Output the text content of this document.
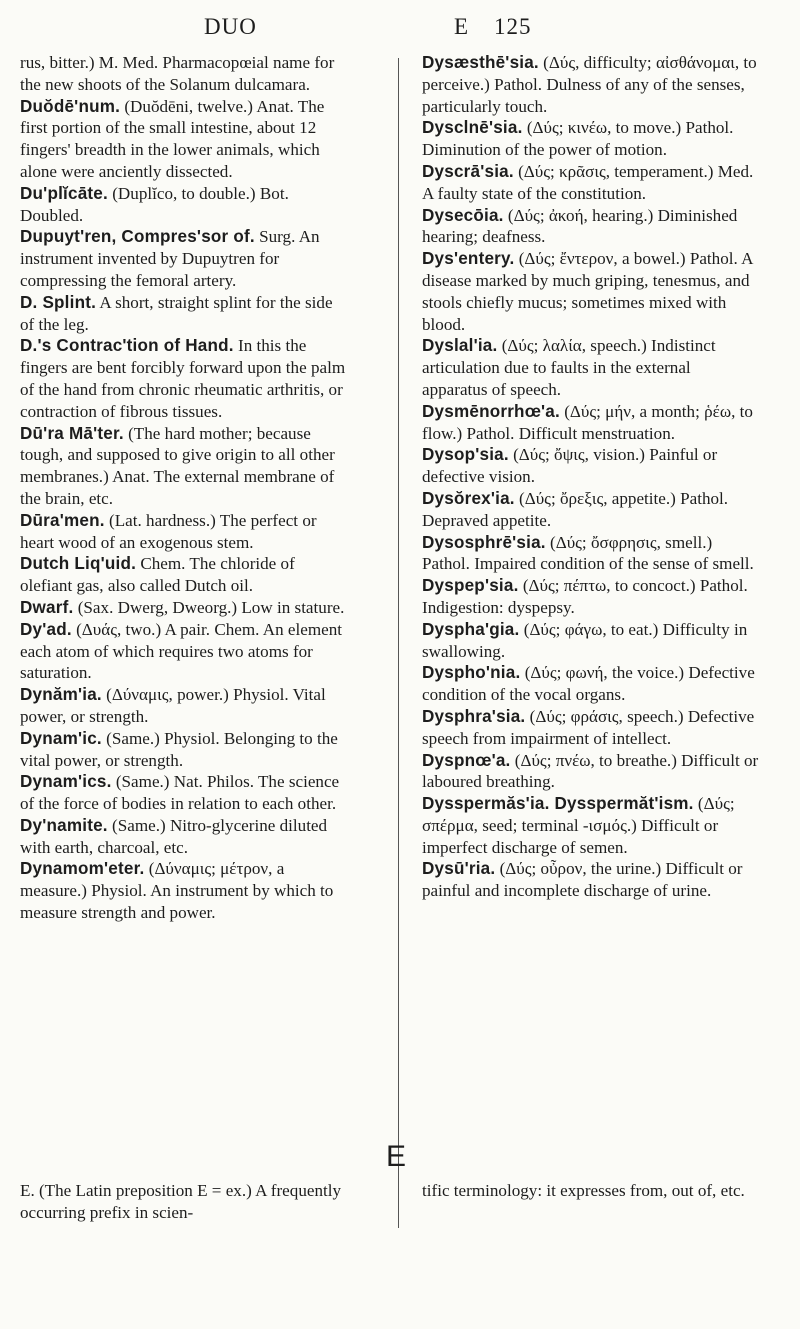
DUO	E 125
rus, bitter.) M. Med. Pharmacopœial name for the new shoots of the Solanum dulcamara.
Duŏdē'num. (Duŏdēni, twelve.) Anat. The first portion of the small intestine, about 12 fingers' breadth in the lower animals, which alone were anciently dissected.
Du'plĭcāte. (Duplĭco, to double.) Bot. Doubled.
Dupuyt'ren, Compres'sor of. Surg. An instrument invented by Dupuytren for compressing the femoral artery.
D. Splint. A short, straight splint for the side of the leg.
D.'s Contrac'tion of Hand. In this the fingers are bent forcibly forward upon the palm of the hand from chronic rheumatic arthritis, or contraction of fibrous tissues.
Dū'ra Mā'ter. (The hard mother; because tough, and supposed to give origin to all other membranes.) Anat. The external membrane of the brain, etc.
Dūra'men. (Lat. hardness.) The perfect or heart wood of an exogenous stem.
Dutch Liq'uid. Chem. The chloride of olefiant gas, also called Dutch oil.
Dwarf. (Sax. Dwerg, Dweorg.) Low in stature.
Dy'ad. (Δυάς, two.) A pair. Chem. An element each atom of which requires two atoms for saturation.
Dynăm'ia. (Δύναμις, power.) Physiol. Vital power, or strength.
Dynam'ic. (Same.) Physiol. Belonging to the vital power, or strength.
Dynam'ics. (Same.) Nat. Philos. The science of the force of bodies in relation to each other.
Dy'namite. (Same.) Nitro-glycerine diluted with earth, charcoal, etc.
Dynamom'eter. (Δύναμις; μέτρον, a measure.) Physiol. An instrument by which to measure strength and power.
Dysæsthē'sia. (Δύς, difficulty; αἰσθάνομαι, to perceive.) Pathol. Dulness of any of the senses, particularly touch.
Dysclnē'sia. (Δύς; κινέω, to move.) Pathol. Diminution of the power of motion.
Dyscrā'sia. (Δύς; κρᾶσις, temperament.) Med. A faulty state of the constitution.
Dysecōia. (Δύς; ἀκοή, hearing.) Diminished hearing; deafness.
Dys'entery. (Δύς; ἔντερον, a bowel.) Pathol. A disease marked by much griping, tenesmus, and stools chiefly mucus; sometimes mixed with blood.
Dyslal'ia. (Δύς; λαλία, speech.) Indistinct articulation due to faults in the external apparatus of speech.
Dysmēnorrhœ'a. (Δύς; μήν, a month; ῥέω, to flow.) Pathol. Difficult menstruation.
Dysop'sia. (Δύς; ὄψις, vision.) Painful or defective vision.
Dysŏrex'ia. (Δύς; ὄρεξις, appetite.) Pathol. Depraved appetite.
Dysosphrē'sia. (Δύς; ὄσφρησις, smell.) Pathol. Impaired condition of the sense of smell.
Dyspep'sia. (Δύς; πέπτω, to concoct.) Pathol. Indigestion: dyspepsy.
Dyspha'gia. (Δύς; φάγω, to eat.) Difficulty in swallowing.
Dyspho'nia. (Δύς; φωνή, the voice.) Defective condition of the vocal organs.
Dysphra'sia. (Δύς; φράσις, speech.) Defective speech from impairment of intellect.
Dyspnœ'a. (Δύς; πνέω, to breathe.) Difficult or laboured breathing.
Dysspermăs'ia. Dysspermăt'ism. (Δύς; σπέρμα, seed; terminal -ισμός.) Difficult or imperfect discharge of semen.
Dysū'ria. (Δύς; οὖρον, the urine.) Difficult or painful and incomplete discharge of urine.
E
E. (The Latin preposition E = ex.) A frequently occurring prefix in scien-
tific terminology: it expresses from, out of, etc.
